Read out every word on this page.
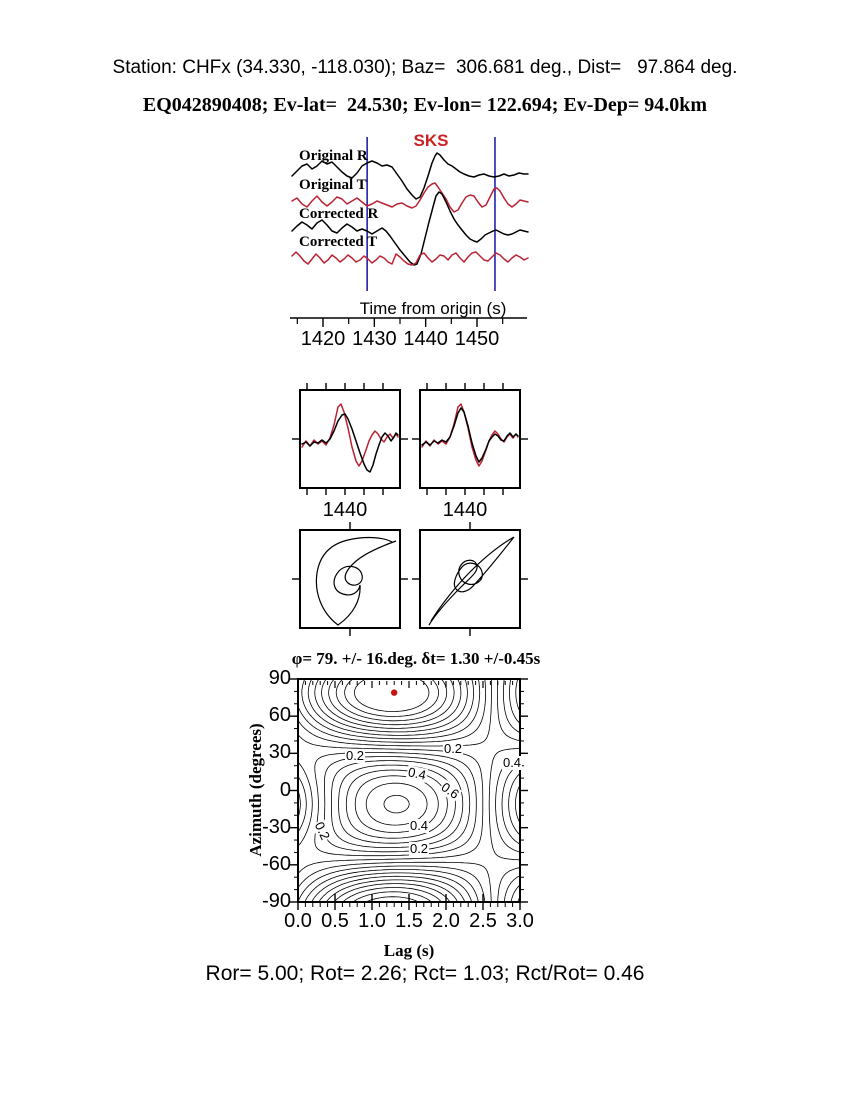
Station: CHFx (34.330, -118.030); Baz=  306.681 deg., Dist=   97.864 deg.
EQ042890408; Ev-lat=  24.530; Ev-lon= 122.694; Ev-Dep= 94.0km
SKS
Original R
Original T
Corrected R
Corrected T
Time from origin (s)
1440	1440
φ= 79. +/- 16.deg. δt= 1.30 +/-0.45s
Azimuth (degrees)
Lag (s)
Ror= 5.00; Rot= 2.26; Rct= 1.03; Rct/Rot= 0.46
1420 1430 1440 1450
0.0 0.5 1.0 1.5 2.0 2.5 3.0
90
60
30
0
-30
-60
-90
0.2	0.2
0.4
0.6
0.4
0.2	0.4
0.2
